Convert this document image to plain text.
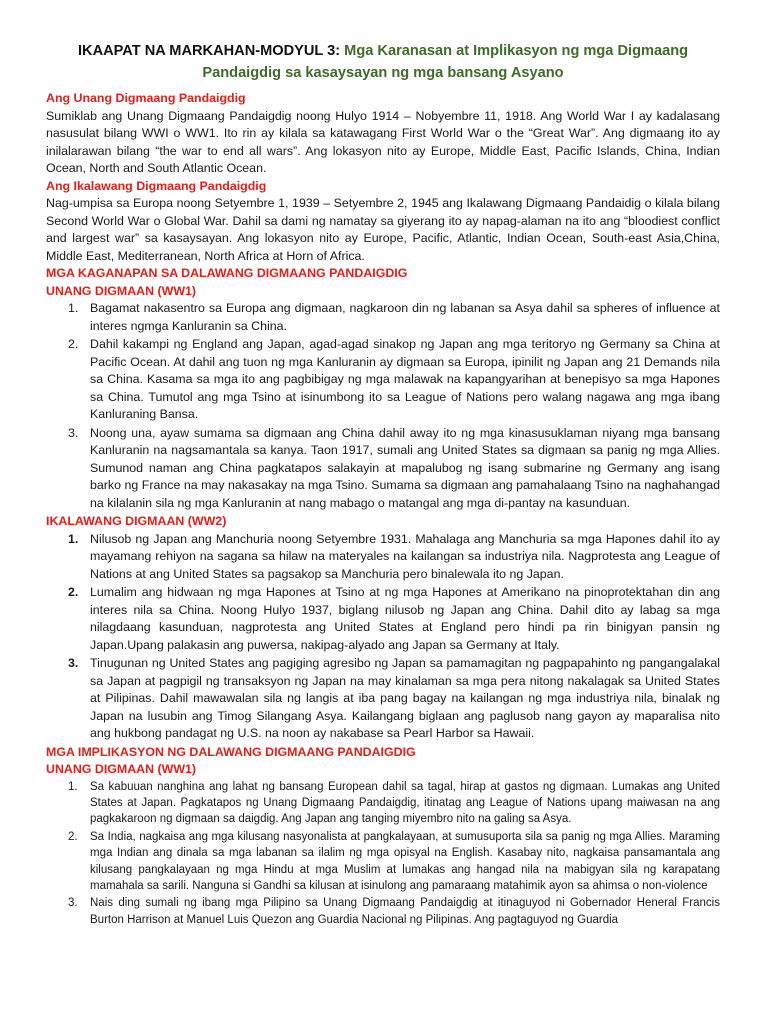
IKAAPAT NA MARKAHAN-MODYUL 3: Mga Karanasan at Implikasyon ng mga Digmaang Pandaigdig sa kasaysayan ng mga bansang Asyano
Ang Unang Digmaang Pandaigdig

Sumiklab ang Unang Digmaang Pandaigdig noong Hulyo 1914 – Nobyembre 11, 1918. Ang World War I ay kadalasang nasusulat bilang WWI o WW1. Ito rin ay kilala sa katawagang First World War o the “Great War”. Ang digmaang ito ay inilalarawan bilang “the war to end all wars”. Ang lokasyon nito ay Europe, Middle East, Pacific Islands, China, Indian Ocean, North and South Atlantic Ocean.

Ang Ikalawang Digmaang Pandaigdig

Nag-umpisa sa Europa noong Setyembre 1, 1939 – Setyembre 2, 1945 ang Ikalawang Digmaang Pandaidig o kilala bilang Second World War o Global War. Dahil sa dami ng namatay sa giyerang ito ay napag-alaman na ito ang “bloodiest conflict and largest war” sa kasaysayan. Ang lokasyon nito ay Europe, Pacific, Atlantic, Indian Ocean, South-east Asia,China, Middle East, Mediterranean, North Africa at Horn of Africa.

MGA KAGANAPAN SA DALAWANG DIGMAANG PANDAIGDIG
UNANG DIGMAAN (WW1)
1. Bagamat nakasentro sa Europa ang digmaan, nagkaroon din ng labanan sa Asya dahil sa spheres of influence at interes ngmga Kanluranin sa China.
2. Dahil kakampi ng England ang Japan, agad-agad sinakop ng Japan ang mga teritoryo ng Germany sa China at Pacific Ocean. At dahil ang tuon ng mga Kanluranin ay digmaan sa Europa, ipinilit ng Japan ang 21 Demands nila sa China. Kasama sa mga ito ang pagbibigay ng mga malawak na kapangyarihan at benepisyo sa mga Hapones sa China. Tumutol ang mga Tsino at isinumbong ito sa League of Nations pero walang nagawa ang mga ibang Kanluraning Bansa.
3. Noong una, ayaw sumama sa digmaan ang China dahil away ito ng mga kinasusuklaman niyang mga bansang Kanluranin na nagsamantala sa kanya. Taon 1917, sumali ang United States sa digmaan sa panig ng mga Allies. Sumunod naman ang China pagkatapos salakayin at mapalubog ng isang submarine ng Germany ang isang barko ng France na may nakasakay na mga Tsino. Sumama sa digmaan ang pamahalaang Tsino na naghahangad na kilalanin sila ng mga Kanluranin at nang mabago o matangal ang mga di-pantay na kasunduan.
IKALAWANG DIGMAAN (WW2)
1. Nilusob ng Japan ang Manchuria noong Setyembre 1931. Mahalaga ang Manchuria sa mga Hapones dahil ito ay mayamang rehiyon na sagana sa hilaw na materyales na kailangan sa industriya nila. Nagprotesta ang League of Nations at ang United States sa pagsakop sa Manchuria pero binalewala ito ng Japan.
2. Lumalim ang hidwaan ng mga Hapones at Tsino at ng mga Hapones at Amerikano na pinoprotektahan din ang interes nila sa China. Noong Hulyo 1937, biglang nilusob ng Japan ang China. Dahil dito ay labag sa mga nilagdaang kasunduan, nagprotesta ang United States at England pero hindi pa rin binigyan pansin ng Japan.Upang palakasin ang puwersa, nakipag-alyado ang Japan sa Germany at Italy.
3. Tinugunan ng United States ang pagiging agresibo ng Japan sa pamamagitan ng pagpapahinto ng pangangalakal sa Japan at pagpigil ng transaksyon ng Japan na may kinalaman sa mga pera nitong nakalagak sa United States at Pilipinas. Dahil mawawalan sila ng langis at iba pang bagay na kailangan ng mga industriya nila, binalak ng Japan na lusubin ang Timog Silangang Asya. Kailangang biglaan ang paglusob nang gayon ay maparalisa nito ang hukbong pandagat ng U.S. na noon ay nakabase sa Pearl Harbor sa Hawaii.
MGA IMPLIKASYON NG DALAWANG DIGMAANG PANDAIGDIG
UNANG DIGMAAN (WW1)
1. Sa kabuuan nanghina ang lahat ng bansang European dahil sa tagal, hirap at gastos ng digmaan. Lumakas ang United States at Japan. Pagkatapos ng Unang Digmaang Pandaigdig, itinatag ang League of Nations upang maiwasan na ang pagkakaroon ng digmaan sa daigdig. Ang Japan ang tanging miyembro nito na galing sa Asya.
2. Sa India, nagkaisa ang mga kilusang nasyonalista at pangkalayaan, at sumusuporta sila sa panig ng mga Allies. Maraming mga Indian ang dinala sa mga labanan sa ilalim ng mga opisyal na English. Kasabay nito, nagkaisa pansamantala ang kilusang pangkalayaan ng mga Hindu at mga Muslim at lumakas ang hangad nila na mabigyan sila ng karapatang mamahala sa sarili. Nanguna si Gandhi sa kilusan at isinulong ang pamaraang matahimik ayon sa ahimsa o non-violence
3. Nais ding sumali ng ibang mga Pilipino sa Unang Digmaang Pandaigdig at itinaguyod ni Gobernador Heneral Francis Burton Harrison at Manuel Luis Quezon ang Guardia Nacional ng Pilipinas. Ang pagtaguyod ng Guardia
